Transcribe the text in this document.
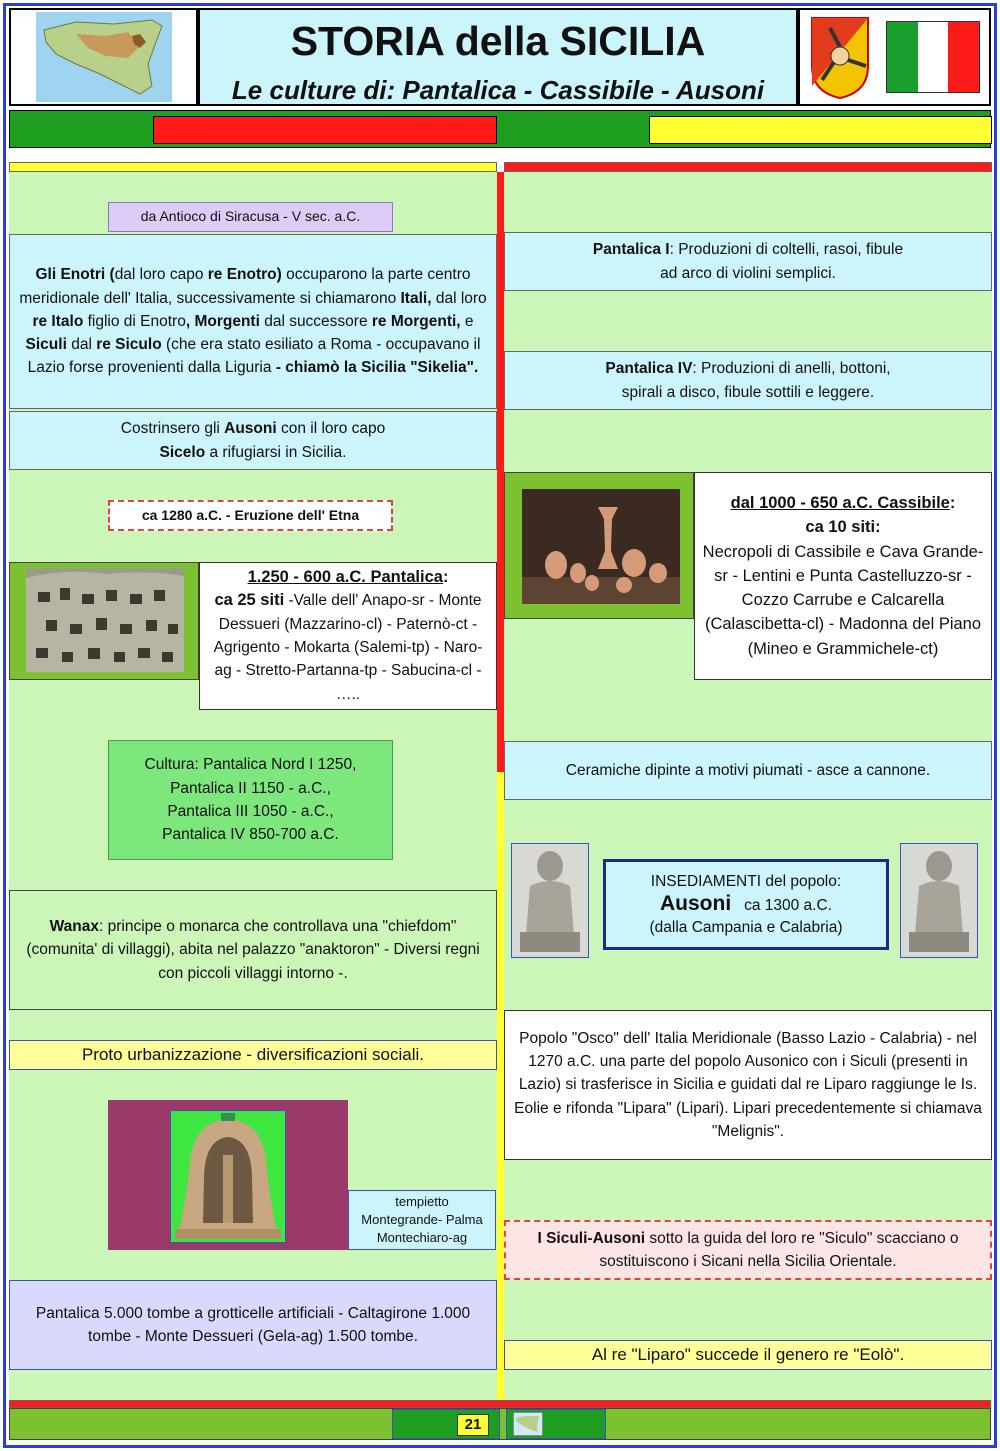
STORIA della SICILIA
Le culture di: Pantalica - Cassibile - Ausoni
da Antioco di Siracusa - V sec. a.C.
Gli Enotri (dal loro capo re Enotro) occuparono la parte centro meridionale dell' Italia, successivamente si chiamarono Itali, dal loro re Italo figlio di Enotro, Morgenti dal successore re Morgenti, e Siculi dal re Siculo (che era stato esiliato a Roma - occupavano il Lazio forse provenienti dalla Liguria - chiamò la Sicilia "Sikelia".
Costrinsero gli Ausoni con il loro capo Sicelo a rifugiarsi in Sicilia.
ca 1280 a.C. - Eruzione dell' Etna
1.250 - 600 a.C. Pantalica:
ca 25 siti -Valle dell' Anapo-sr - Monte Dessueri (Mazzarino-cl) - Paternò-ct - Agrigento - Mokarta (Salemi-tp) - Naro-ag - Stretto-Partanna-tp - Sabucina-cl - …..
Cultura: Pantalica Nord I 1250,
Pantalica II 1150 - a.C.,
Pantalica III 1050 - a.C.,
Pantalica IV 850-700 a.C.
Wanax: principe o monarca che controllava una "chiefdom" (comunita' di villaggi), abita nel palazzo "anaktoron" - Diversi regni con piccoli villaggi intorno -.
Proto urbanizzazione - diversificazioni sociali.
tempietto
Montegrande- Palma
Montechiaro-ag
Pantalica 5.000 tombe a grotticelle artificiali - Caltagirone 1.000 tombe - Monte Dessueri (Gela-ag) 1.500 tombe.
Pantalica I: Produzioni di coltelli, rasoi, fibule ad arco di violini semplici.
Pantalica IV: Produzioni di anelli, bottoni, spirali a disco, fibule sottili e leggere.
dal 1000 - 650 a.C. Cassibile:
ca 10 siti:
Necropoli di Cassibile e Cava Grande-sr - Lentini e Punta Castelluzzo-sr - Cozzo Carrube e Calcarella (Calascibetta-cl) - Madonna del Piano (Mineo e Grammichele-ct)
Ceramiche dipinte a motivi piumati - asce a cannone.
INSEDIAMENTI del popolo:
Ausoni ca 1300 a.C.
(dalla Campania e Calabria)
Popolo "Osco" dell' Italia Meridionale (Basso Lazio - Calabria) - nel 1270 a.C. una parte del popolo Ausonico con i Siculi (presenti in Lazio) si trasferisce in Sicilia e guidati dal re Liparo raggiunge le Is. Eolie e rifonda "Lipara" (Lipari). Lipari precedentemente si chiamava "Melignis".
I Siculi-Ausoni sotto la guida del loro re "Siculo" scacciano o sostituiscono i Sicani nella Sicilia Orientale.
Al re "Liparo" succede il genero re "Eolò".
21
